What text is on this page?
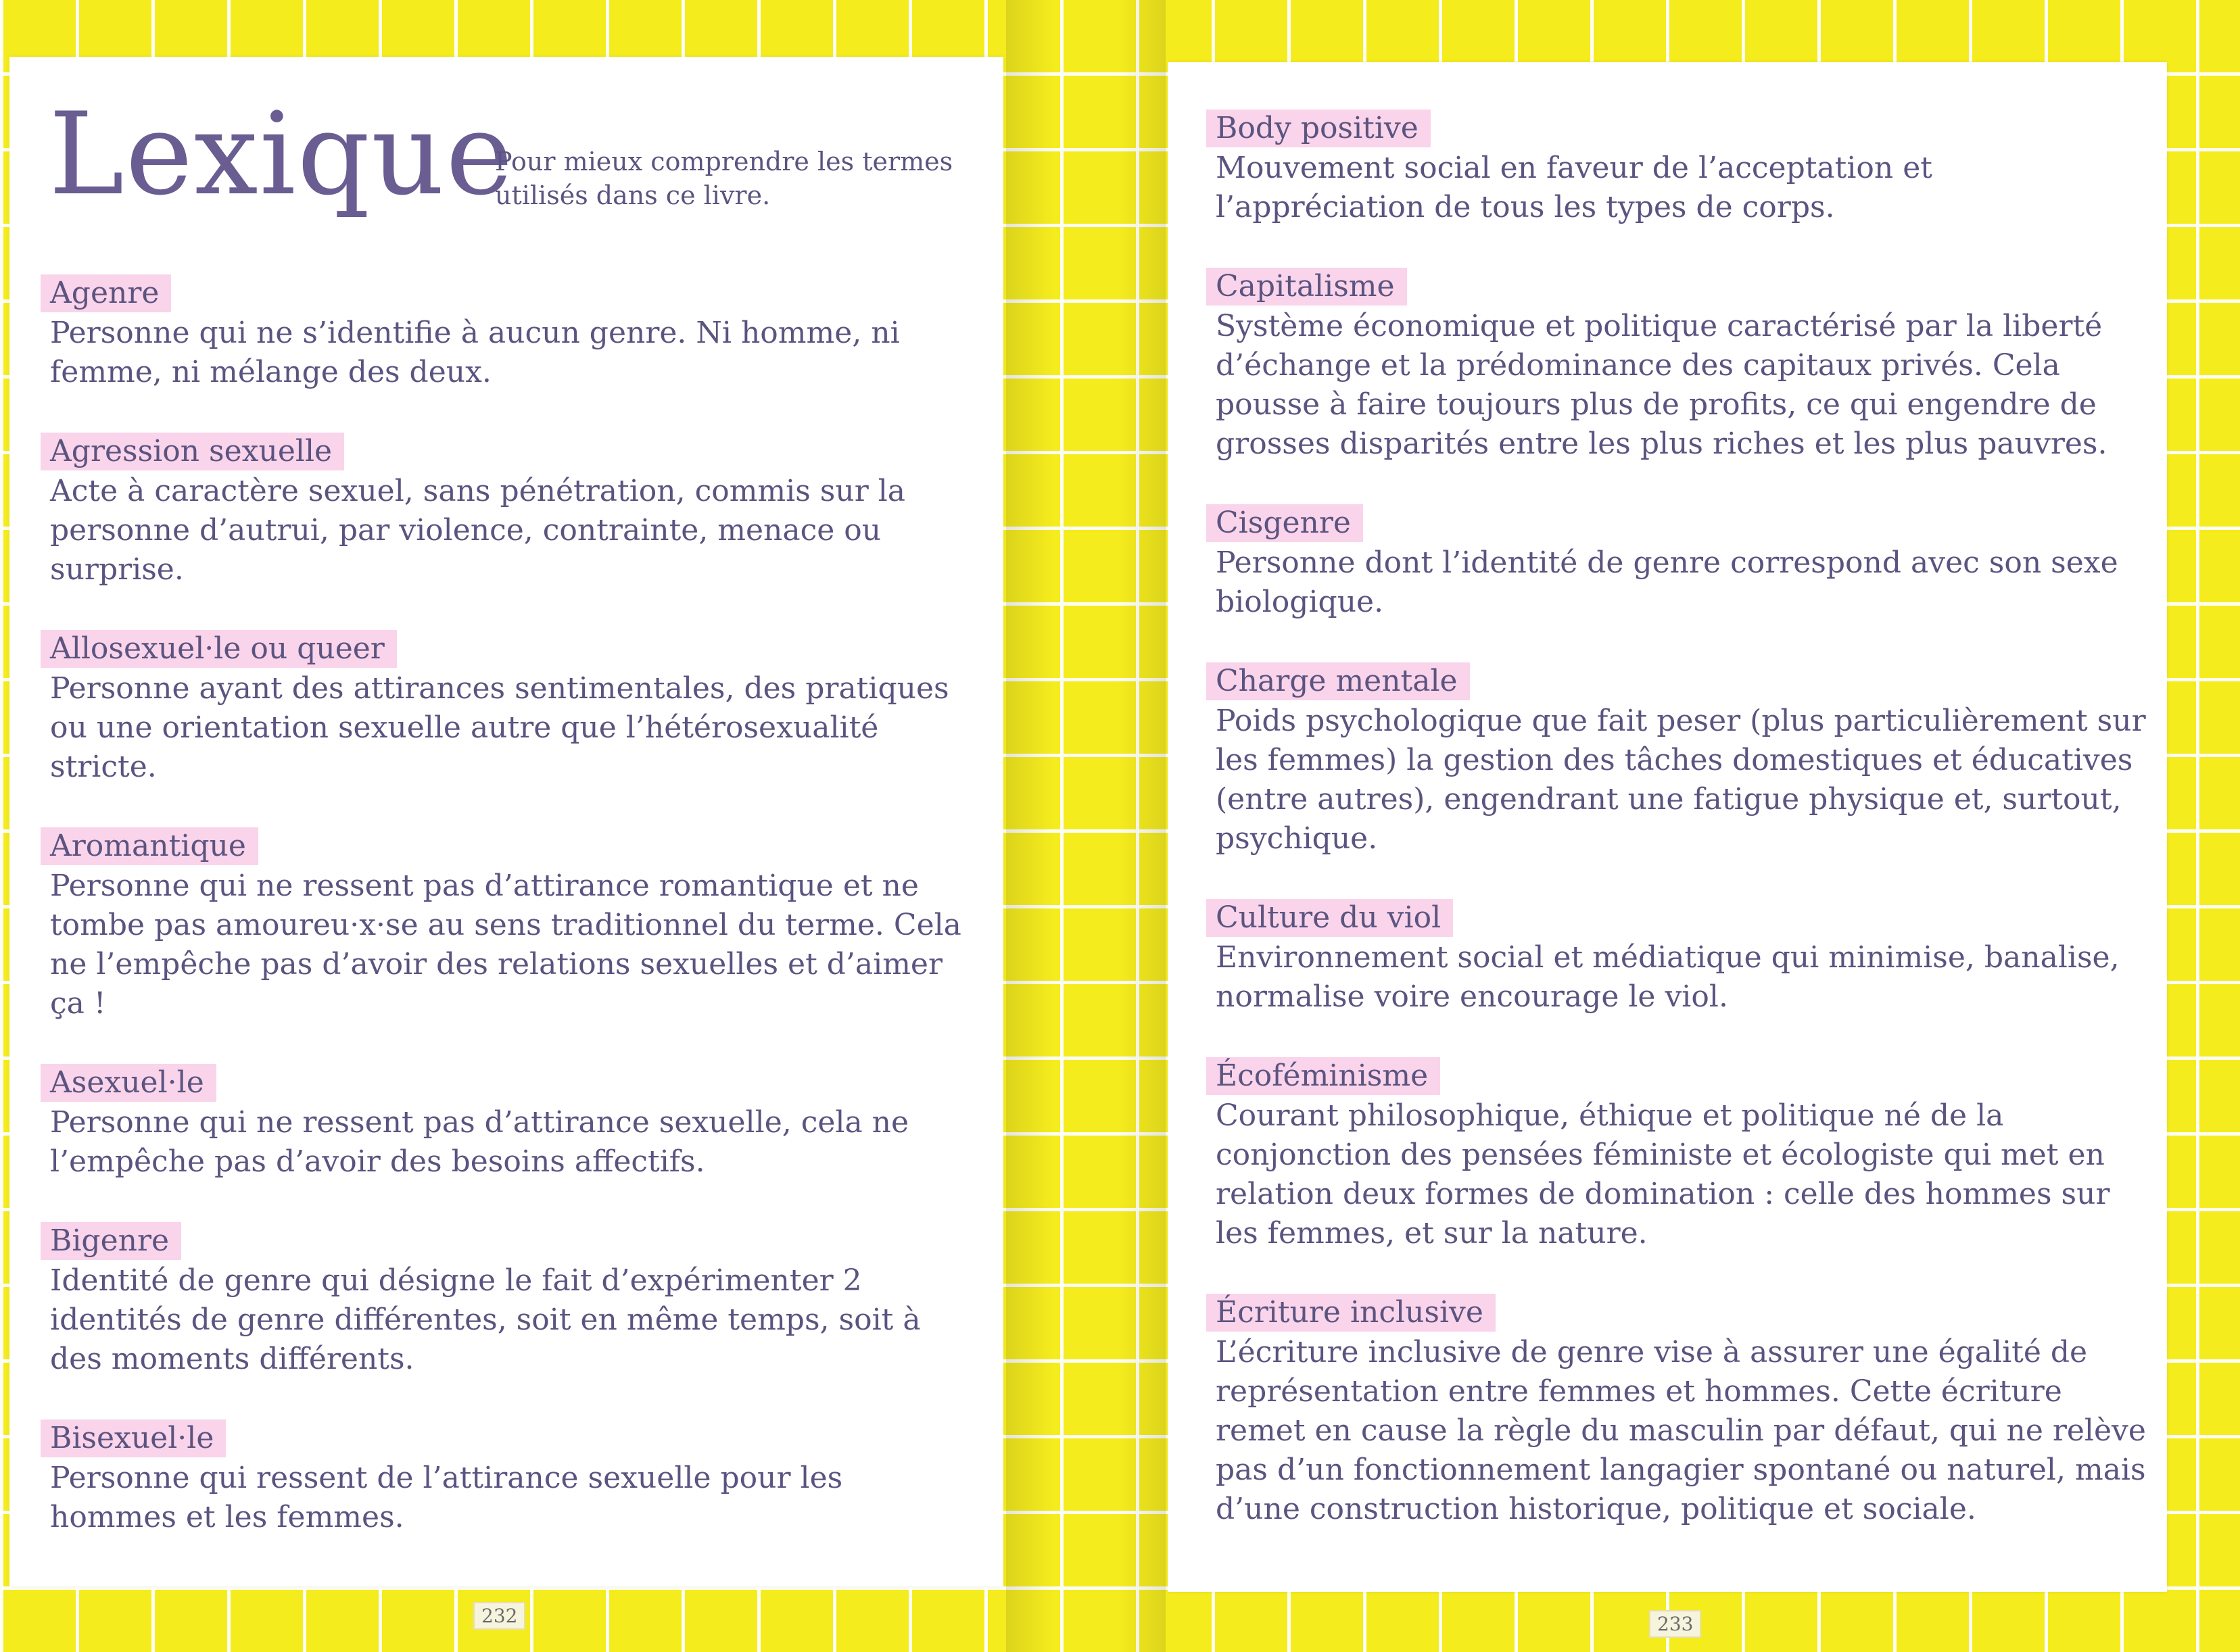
Lexique
Pour mieux comprendre les termes utilisés dans ce livre.
Agenre
Personne qui ne s’identifie à aucun genre. Ni homme, ni femme, ni mélange des deux.
Agression sexuelle
Acte à caractère sexuel, sans pénétration, commis sur la personne d’autrui, par violence, contrainte, menace ou surprise.
Allosexuel·le ou queer
Personne ayant des attirances sentimentales, des pratiques ou une orientation sexuelle autre que l’hétérosexualité stricte.
Aromantique
Personne qui ne ressent pas d’attirance romantique et ne tombe pas amoureu·x·se au sens traditionnel du terme. Cela ne l’empêche pas d’avoir des relations sexuelles et d’aimer ça !
Asexuel·le
Personne qui ne ressent pas d’attirance sexuelle, cela ne l’empêche pas d’avoir des besoins affectifs.
Bigenre
Identité de genre qui désigne le fait d’expérimenter 2 identités de genre différentes, soit en même temps, soit à des moments différents.
Bisexuel·le
Personne qui ressent de l’attirance sexuelle pour les hommes et les femmes.
232
Body positive
Mouvement social en faveur de l’acceptation et l’appréciation de tous les types de corps.
Capitalisme
Système économique et politique caractérisé par la liberté d’échange et la prédominance des capitaux privés. Cela pousse à faire toujours plus de profits, ce qui engendre de grosses disparités entre les plus riches et les plus pauvres.
Cisgenre
Personne dont l’identité de genre correspond avec son sexe biologique.
Charge mentale
Poids psychologique que fait peser (plus particulièrement sur les femmes) la gestion des tâches domestiques et éducatives (entre autres), engendrant une fatigue physique et, surtout, psychique.
Culture du viol
Environnement social et médiatique qui minimise, banalise, normalise voire encourage le viol.
Écoféminisme
Courant philosophique, éthique et politique né de la conjonction des pensées féministe et écologiste qui met en relation deux formes de domination : celle des hommes sur les femmes, et sur la nature.
Écriture inclusive
L’écriture inclusive de genre vise à assurer une égalité de représentation entre femmes et hommes. Cette écriture remet en cause la règle du masculin par défaut, qui ne relève pas d’un fonctionnement langagier spontané ou naturel, mais d’une construction historique, politique et sociale.
233
